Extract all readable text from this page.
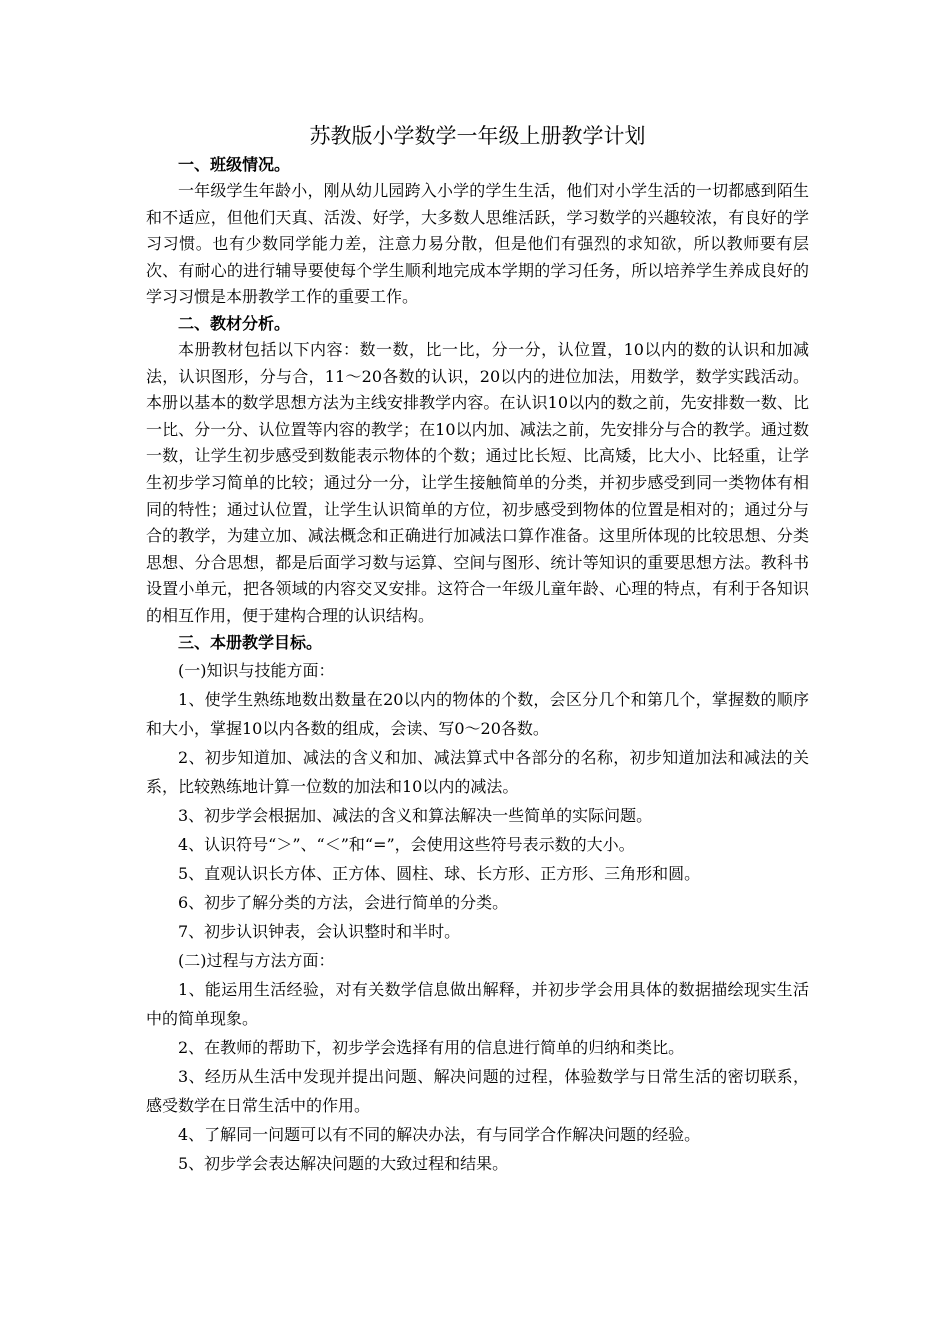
苏教版小学数学一年级上册教学计划

一、班级情况。

一年级学生年龄小，刚从幼儿园跨入小学的学生生活，他们对小学生活的一切都感到陌生和不适应，但他们天真、活泼、好学，大多数人思维活跃，学习数学的兴趣较浓，有良好的学习习惯。也有少数同学能力差，注意力易分散，但是他们有强烈的求知欲，所以教师要有层次、有耐心的进行辅导要使每个学生顺利地完成本学期的学习任务，所以培养学生养成良好的学习习惯是本册教学工作的重要工作。

二、教材分析。

本册教材包括以下内容：数一数，比一比，分一分，认位置，10以内的数的认识和加减法，认识图形，分与合，11～20各数的认识，20以内的进位加法，用数学，数学实践活动。 本册以基本的数学思想方法为主线安排教学内容。在认识10以内的数之前，先安排数一数、比一比、分一分、认位置等内容的教学；在10以内加、减法之前，先安排分与合的教学。通过数一数，让学生初步感受到数能表示物体的个数；通过比长短、比高矮，比大小、比轻重，让学生初步学习简单的比较；通过分一分，让学生接触简单的分类，并初步感受到同一类物体有相同的特性；通过认位置，让学生认识简单的方位，初步感受到物体的位置是相对的；通过分与合的教学，为建立加、减法概念和正确进行加减法口算作准备。这里所体现的比较思想、分类思想、分合思想，都是后面学习数与运算、空间与图形、统计等知识的重要思想方法。教科书设置小单元，把各领域的内容交叉安排。这符合一年级儿童年龄、心理的特点，有利于各知识的相互作用，便于建构合理的认识结构。

三、本册教学目标。

(一)知识与技能方面：

1、使学生熟练地数出数量在20以内的物体的个数，会区分几个和第几个，掌握数的顺序和大小，掌握10以内各数的组成，会读、写0～20各数。

2、初步知道加、减法的含义和加、减法算式中各部分的名称，初步知道加法和减法的关系，比较熟练地计算一位数的加法和10以内的减法。

3、初步学会根据加、减法的含义和算法解决一些简单的实际问题。

4、认识符号“＞”、“＜”和“=”，会使用这些符号表示数的大小。

5、直观认识长方体、正方体、圆柱、球、长方形、正方形、三角形和圆。

6、初步了解分类的方法，会进行简单的分类。

7、初步认识钟表，会认识整时和半时。

(二)过程与方法方面：

1、能运用生活经验，对有关数学信息做出解释，并初步学会用具体的数据描绘现实生活中的简单现象。

2、在教师的帮助下，初步学会选择有用的信息进行简单的归纳和类比。

3、经历从生活中发现并提出问题、解决问题的过程，体验数学与日常生活的密切联系，感受数学在日常生活中的作用。

4、了解同一问题可以有不同的解决办法，有与同学合作解决问题的经验。

5、初步学会表达解决问题的大致过程和结果。
